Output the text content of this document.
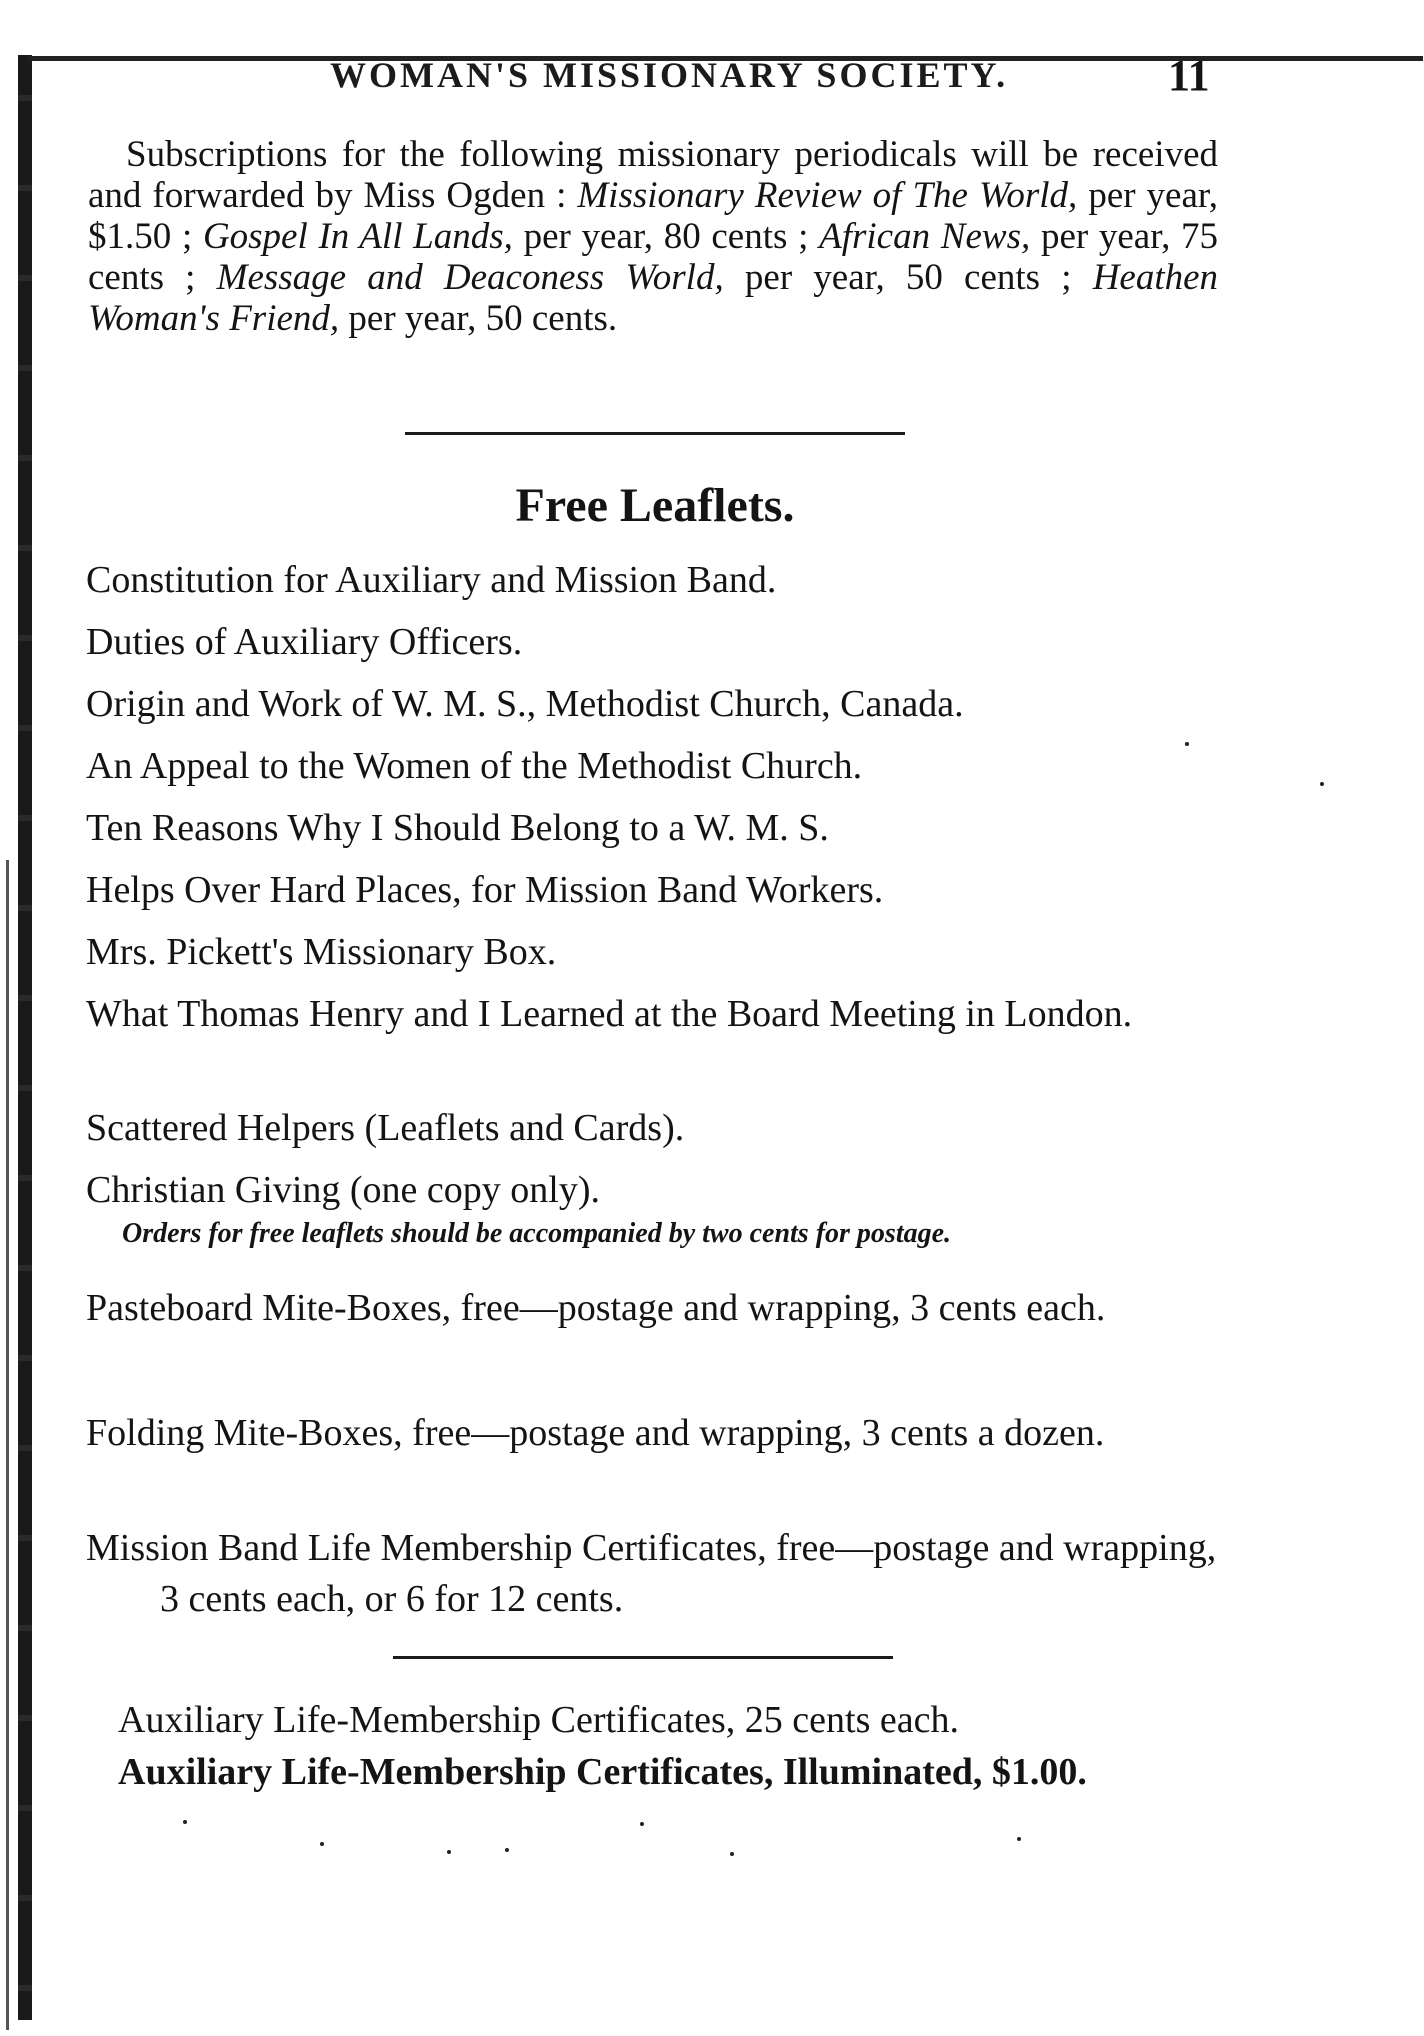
WOMAN'S MISSIONARY SOCIETY.	11
Subscriptions for the following missionary periodicals will be received and forwarded by Miss Ogden : Missionary Review of The World, per year, $1.50 ; Gospel In All Lands, per year, 80 cents ; African News, per year, 75 cents ; Message and Deaconess World, per year, 50 cents ; Heathen Woman's Friend, per year, 50 cents.
Free Leaflets.
Constitution for Auxiliary and Mission Band.
Duties of Auxiliary Officers.
Origin and Work of W. M. S., Methodist Church, Canada.
An Appeal to the Women of the Methodist Church.
Ten Reasons Why I Should Belong to a W. M. S.
Helps Over Hard Places, for Mission Band Workers.
Mrs. Pickett's Missionary Box.
What Thomas Henry and I Learned at the Board Meeting in London.
Scattered Helpers (Leaflets and Cards).
Christian Giving (one copy only).
Orders for free leaflets should be accompanied by two cents for postage.
Pasteboard Mite-Boxes, free—postage and wrapping, 3 cents each.
Folding Mite-Boxes, free—postage and wrapping, 3 cents a dozen.
Mission Band Life Membership Certificates, free—postage and wrapping, 3 cents each, or 6 for 12 cents.
Auxiliary Life-Membership Certificates, 25 cents each.
Auxiliary Life-Membership Certificates, Illuminated, $1.00.
